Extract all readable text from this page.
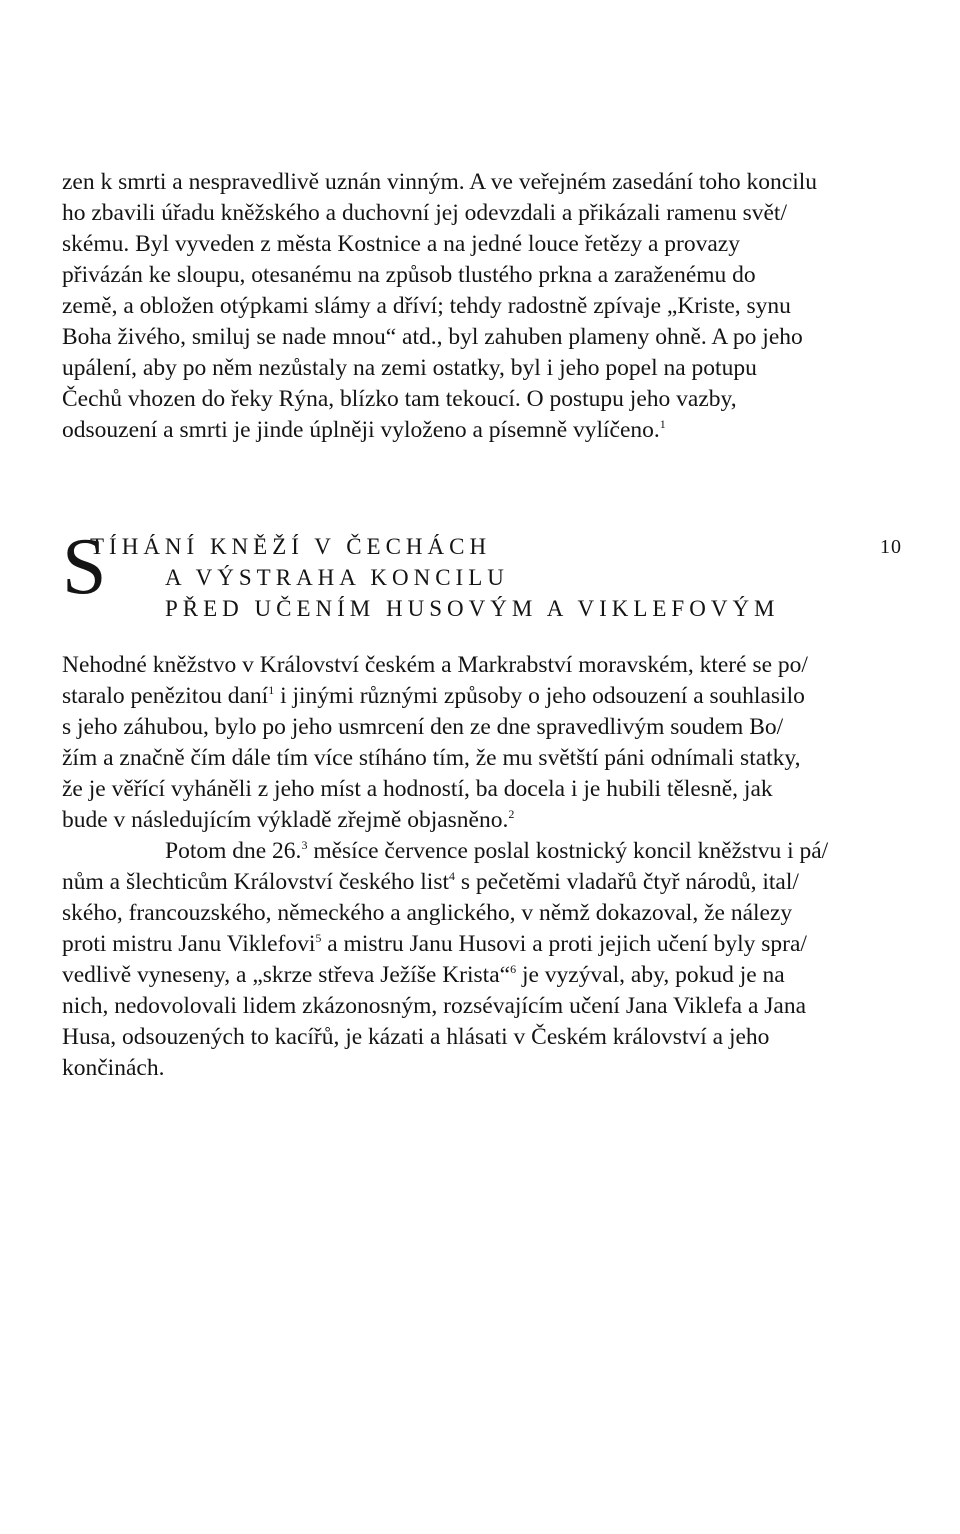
zen k smrti a nespravedlivě uznán vinným. A ve veřejném zasedání toho koncilu

ho zbavili úřadu kněžského a duchovní jej odevzdali a přikázali ramenu svět/

skému. Byl vyveden z města Kostnice a na jedné louce řetězy a provazy

přivázán ke sloupu, otesanému na způsob tlustého prkna a zaraženému do

země, a obložen otýpkami slámy a dříví; tehdy radostně zpívaje „Kriste, synu

Boha živého, smiluj se nade mnou“ atd., byl zahuben plameny ohně. A po jeho

upálení, aby po něm nezůstaly na zemi ostatky, byl i jeho popel na potupu

Čechů vhozen do řeky Rýna, blízko tam tekoucí. O postupu jeho vazby,

odsouzení a smrti je jinde úplněji vyloženo a písemně vylíčeno.$^1$

S
TÍHÁNÍ KNĚŽÍ V ČECHÁCH
A VÝSTRAHA KONCILU
PŘED UČENÍM HUSOVÝM A VIKLEFOVÝM
10

Nehodné kněžstvo v Království českém a Markrabství moravském, které se po/

staralo penězitou daní$^1$ i jinými různými způsoby o jeho odsouzení a souhlasilo

s jeho záhubou, bylo po jeho usmrcení den ze dne spravedlivým soudem Bo/

žím a značně čím dále tím více stíháno tím, že mu světští páni odnímali statky,

že je věřící vyháněli z jeho míst a hodností, ba docela i je hubili tělesně, jak

bude v následujícím výkladě zřejmě objasněno.$^2$

Potom dne 26.$^3$ měsíce července poslal kostnický koncil kněžstvu i pá/

nům a šlechticům Království českého list$^4$ s pečetěmi vladařů čtyř národů, ital/

ského, francouzského, německého a anglického, v němž dokazoval, že nálezy

proti mistru Janu Viklefovi$^5$ a mistru Janu Husovi a proti jejich učení byly spra/

vedlivě vyneseny, a „skrze střeva Ježíše Krista“$^6$ je vyzýval, aby, pokud je na

nich, nedovolovali lidem zkázonosným, rozsévajícím učení Jana Viklefa a Jana

Husa, odsouzených to kacířů, je kázati a hlásati v Českém království a jeho

končinách.
